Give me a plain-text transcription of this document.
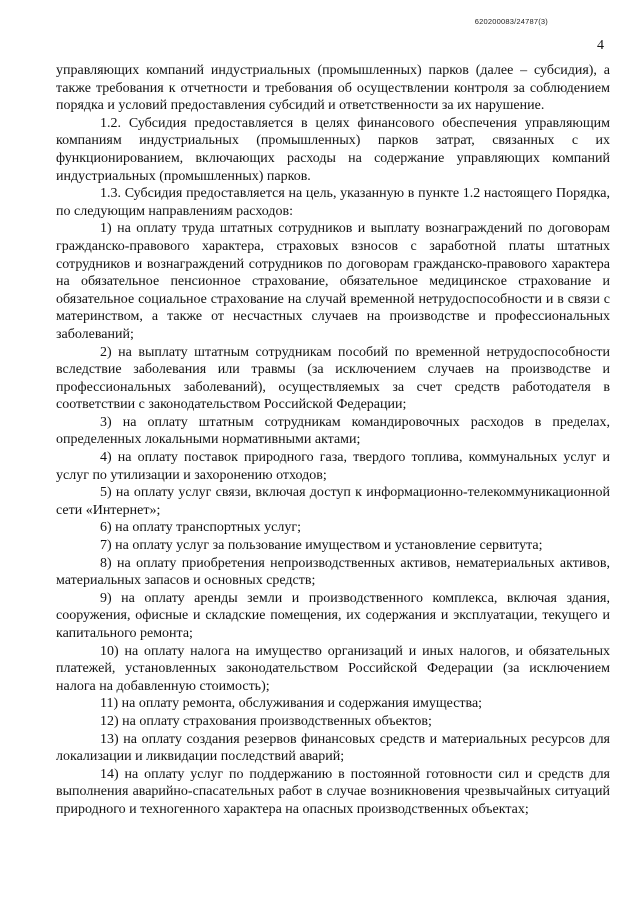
620200083/24787(3)
4

управляющих компаний индустриальных (промышленных) парков (далее – субсидия), а также требования к отчетности и требования об осуществлении контроля за соблюдением порядка и условий предоставления субсидий и ответственности за их нарушение.

1.2. Субсидия предоставляется в целях финансового обеспечения управляющим компаниям индустриальных (промышленных) парков затрат, связанных с их функционированием, включающих расходы на содержание управляющих компаний индустриальных (промышленных) парков.

1.3. Субсидия предоставляется на цель, указанную в пункте 1.2 настоящего Порядка, по следующим направлениям расходов:

1) на оплату труда штатных сотрудников и выплату вознаграждений по договорам гражданско-правового характера, страховых взносов с заработной платы штатных сотрудников и вознаграждений сотрудников по договорам гражданско-правового характера на обязательное пенсионное страхование, обязательное медицинское страхование и обязательное социальное страхование на случай временной нетрудоспособности и в связи с материнством, а также от несчастных случаев на производстве и профессиональных заболеваний;

2) на выплату штатным сотрудникам пособий по временной нетрудоспособности вследствие заболевания или травмы (за исключением случаев на производстве и профессиональных заболеваний), осуществляемых за счет средств работодателя в соответствии с законодательством Российской Федерации;

3) на оплату штатным сотрудникам командировочных расходов в пределах, определенных локальными нормативными актами;

4) на оплату поставок природного газа, твердого топлива, коммунальных услуг и услуг по утилизации и захоронению отходов;

5) на оплату услуг связи, включая доступ к информационно-телекоммуникационной сети «Интернет»;

6) на оплату транспортных услуг;

7) на оплату услуг за пользование имуществом и установление сервитута;

8) на оплату приобретения непроизводственных активов, нематериальных активов, материальных запасов и основных средств;

9) на оплату аренды земли и производственного комплекса, включая здания, сооружения, офисные и складские помещения, их содержания и эксплуатации, текущего и капитального ремонта;

10) на оплату налога на имущество организаций и иных налогов, и обязательных платежей, установленных законодательством Российской Федерации (за исключением налога на добавленную стоимость);

11) на оплату ремонта, обслуживания и содержания имущества;

12) на оплату страхования производственных объектов;

13) на оплату создания резервов финансовых средств и материальных ресурсов для локализации и ликвидации последствий аварий;

14) на оплату услуг по поддержанию в постоянной готовности сил и средств для выполнения аварийно-спасательных работ в случае возникновения чрезвычайных ситуаций природного и техногенного характера на опасных производственных объектах;
